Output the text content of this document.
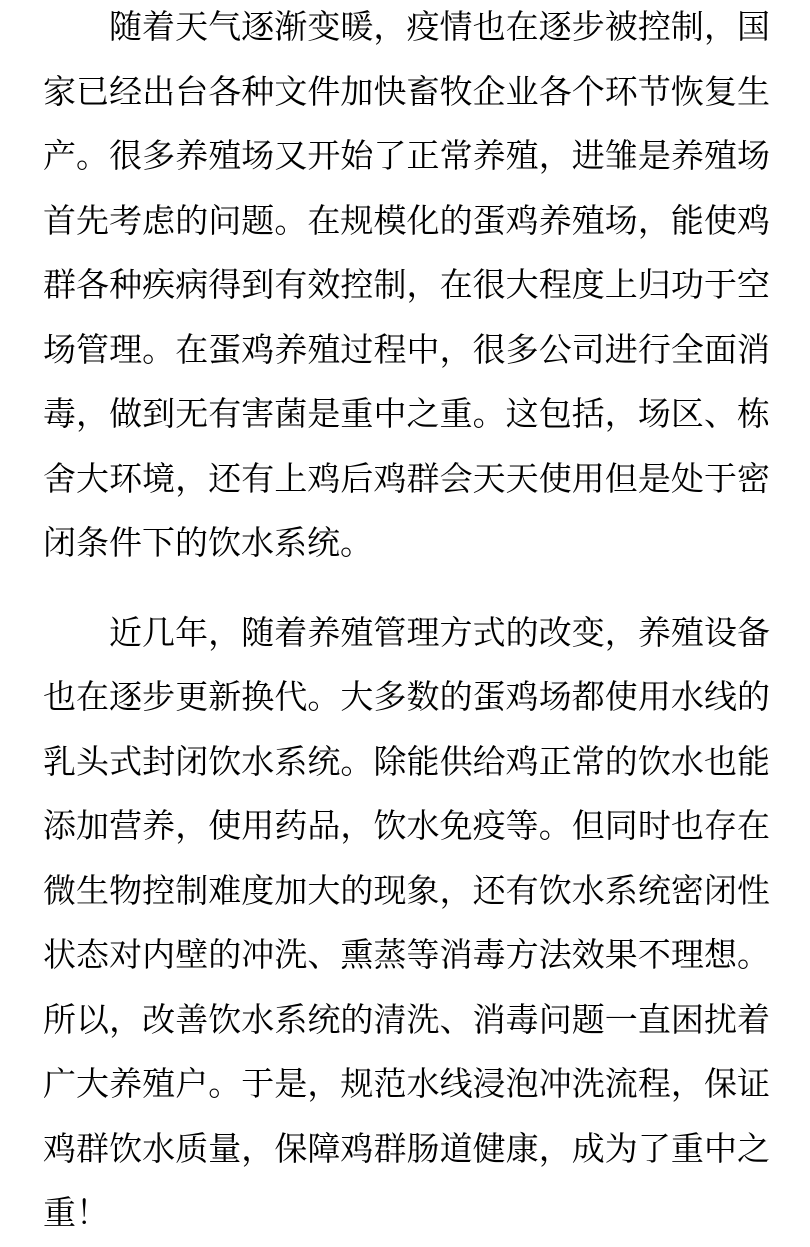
随着天气逐渐变暖，疫情也在逐步被控制，国家已经出台各种文件加快畜牧企业各个环节恢复生产。很多养殖场又开始了正常养殖，进雏是养殖场首先考虑的问题。在规模化的蛋鸡养殖场，能使鸡群各种疾病得到有效控制，在很大程度上归功于空场管理。在蛋鸡养殖过程中，很多公司进行全面消毒，做到无有害菌是重中之重。这包括，场区、栋舍大环境，还有上鸡后鸡群会天天使用但是处于密闭条件下的饮水系统。

近几年，随着养殖管理方式的改变，养殖设备也在逐步更新换代。大多数的蛋鸡场都使用水线的乳头式封闭饮水系统。除能供给鸡正常的饮水也能添加营养，使用药品，饮水免疫等。但同时也存在微生物控制难度加大的现象，还有饮水系统密闭性状态对内壁的冲洗、熏蒸等消毒方法效果不理想。所以，改善饮水系统的清洗、消毒问题一直困扰着广大养殖户。于是，规范水线浸泡冲洗流程，保证鸡群饮水质量，保障鸡群肠道健康，成为了重中之重！
